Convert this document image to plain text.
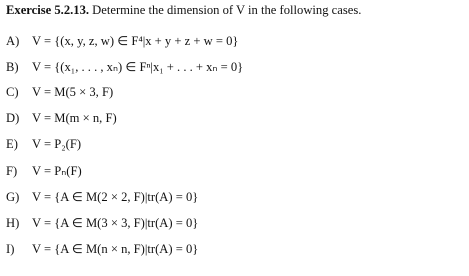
Exercise 5.2.13. Determine the dimension of V in the following cases.
A) V = {(x, y, z, w) ∈ F⁴|x + y + z + w = 0}
B) V = {(x₁, . . . , xₙ) ∈ Fⁿ|x₁ + . . . + xₙ = 0}
C) V = M(5 × 3, F)
D) V = M(m × n, F)
E) V = P₂(F)
F) V = Pₙ(F)
G) V = {A ∈ M(2 × 2, F)|tr(A) = 0}
H) V = {A ∈ M(3 × 3, F)|tr(A) = 0}
I) V = {A ∈ M(n × n, F)|tr(A) = 0}
